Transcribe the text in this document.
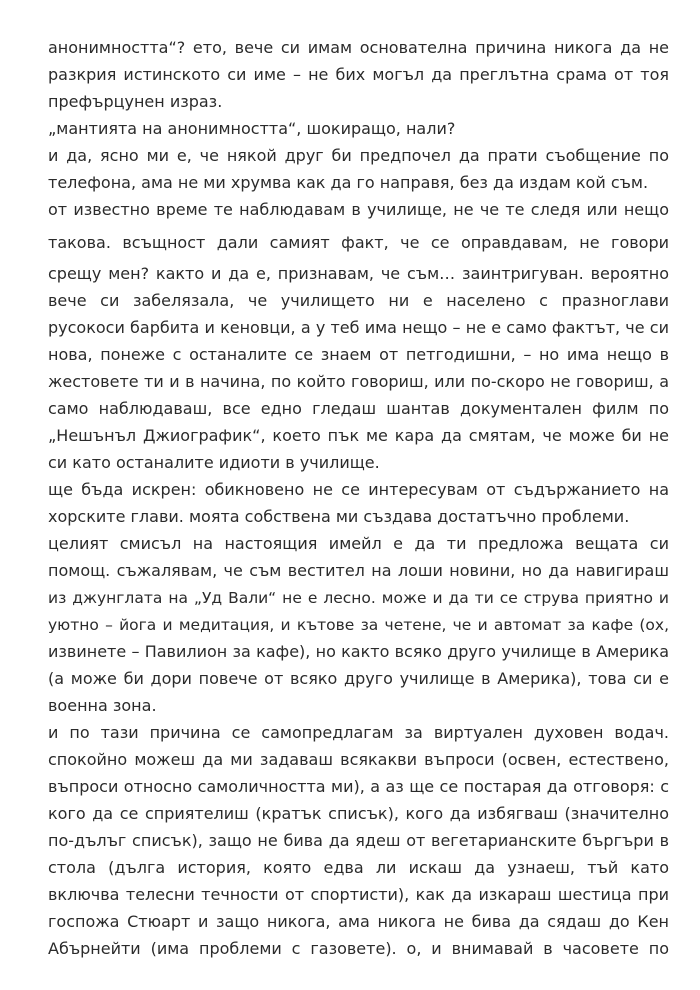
анонимността“? ето, вече си имам основателна причина никога да не
разкрия истинското си име – не бих могъл да преглътна срама от тоя
префърцунен израз.
„мантията на анонимността“, шокиращо, нали?
и да, ясно ми е, че някой друг би предпочел да прати съобщение по
телефона, ама не ми хрумва как да го направя, без да издам кой съм.
от известно време те наблюдавам в училище, не че те следя или нещо
такова. всъщност дали самият факт, че се оправдавам, не говори
срещу мен? както и да е, признавам, че съм… заинтригуван. вероятно
вече си забелязала, че училището ни е населено с празноглави
русокоси барбита и кеновци, а у теб има нещо – не е само фактът, че си
нова, понеже с останалите се знаем от петгодишни, – но има нещо в
жестовете ти и в начина, по който говориш, или по-скоро не говориш, а
само наблюдаваш, все едно гледаш шантав документален филм по
„Нешънъл Джиографик“, което пък ме кара да смятам, че може би не
си като останалите идиоти в училище.
ще бъда искрен: обикновено не се интересувам от съдържанието на
хорските глави. моята собствена ми създава достатъчно проблеми.
целият смисъл на настоящия имейл е да ти предложа вещата си
помощ. съжалявам, че съм вестител на лоши новини, но да навигираш
из джунглата на „Уд Вали“ не е лесно. може и да ти се струва приятно и
уютно – йога и медитация, и кътове за четене, че и автомат за кафе (ох,
извинете – Павилион за кафе), но както всяко друго училище в Америка
(а може би дори повече от всяко друго училище в Америка), това си е
военна зона.
и по тази причина се самопредлагам за виртуален духовен водач.
спокойно можеш да ми задаваш всякакви въпроси (освен, естествено,
въпроси относно самоличността ми), а аз ще се постарая да отговоря: с
кого да се сприятелиш (кратък списък), кого да избягваш (значително
по-дълъг списък), защо не бива да ядеш от вегетарианските бъргъри в
стола (дълга история, която едва ли искаш да узнаеш, тъй като
включва телесни течности от спортисти), как да изкараш шестица при
госпожа Стюарт и защо никога, ама никога не бива да сядаш до Кен
Абърнейти (има проблеми с газовете). о, и внимавай в часовете по
